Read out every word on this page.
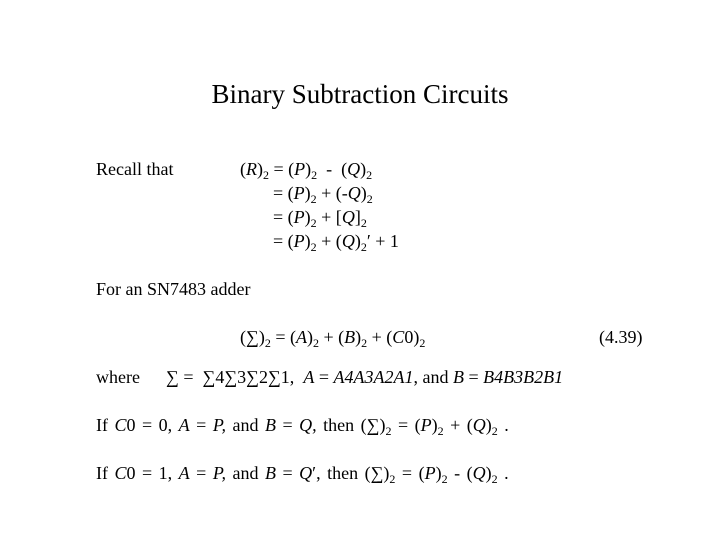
Binary Subtraction Circuits
Recall that	$(R)_2 = (P)_2 - (Q)_2$
= $(P)_2 + (-Q)_2$
= $(P)_2 + [Q]_2$
= $(P)_2 + (Q)_2' + 1$
For an SN7483 adder
$(\sum)_2 = (A)_2 + (B)_2 + (C0)_2$	(4.39)
where ∑ =  ∑4∑3∑2∑1,  A = A4A3A2A1, and B = B4B3B2B1
If C0 = 0, A = P, and B = Q, then $(\sum)_2 = (P)_2 + (Q)_2$ .
If C0 = 1, A = P, and B = Q′, then $(\sum)_2 = (P)_2 - (Q)_2$ .
